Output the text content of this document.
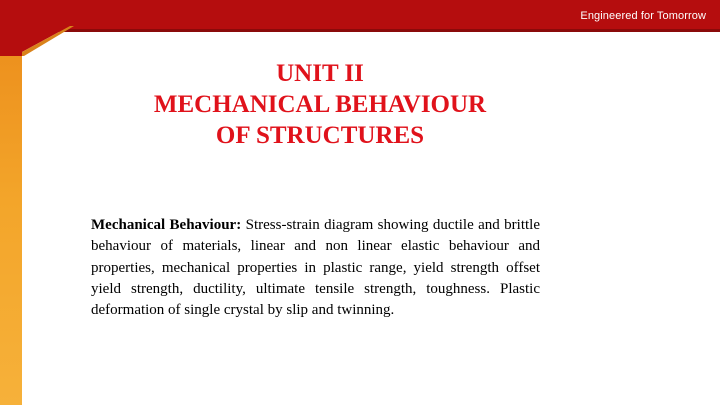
Engineered for Tomorrow
UNIT II
MECHANICAL BEHAVIOUR
OF STRUCTURES
Mechanical Behaviour: Stress-strain diagram showing ductile and brittle behaviour of materials, linear and non linear elastic behaviour and properties, mechanical properties in plastic range, yield strength offset yield strength, ductility, ultimate tensile strength, toughness. Plastic deformation of single crystal by slip and twinning.
